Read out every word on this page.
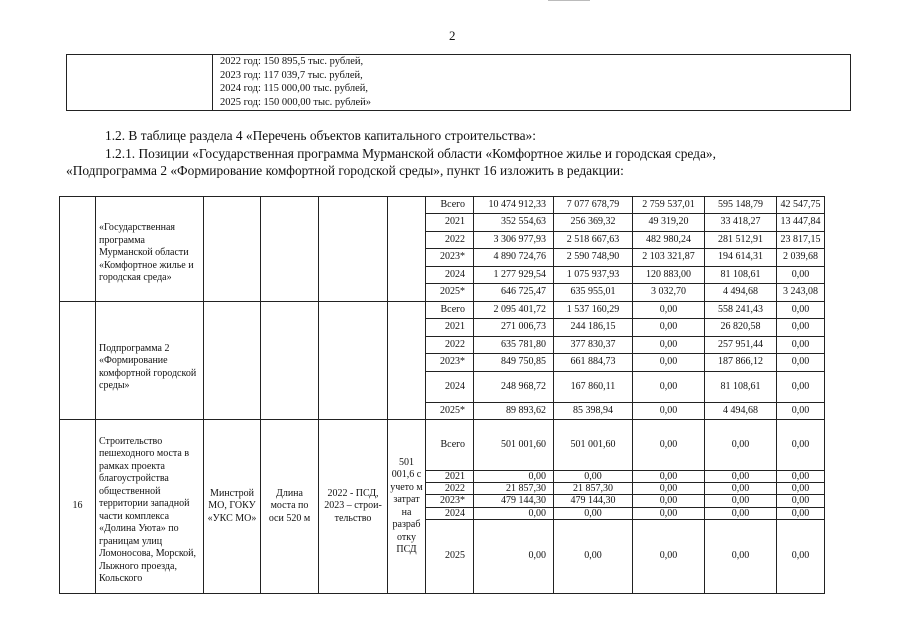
2

2022 год: 150 895,5 тыс. рублей,
2023 год: 117 039,7 тыс. рублей,
2024 год: 115 000,00 тыс. рублей,
2025 год: 150 000,00 тыс. рублей»
1.2. В таблице раздела 4 «Перечень объектов капитального строительства»:
1.2.1. Позиции «Государственная программа Мурманской области «Комфортное жилье и городская среда»,
«Подпрограмма 2 «Формирование комфортной городской среды», пункт 16 изложить в редакции:
	«Государственная программа Мурманской области «Комфортное жилье и городская среда»					Всего	10 474 912,33	7 077 678,79	2 759 537,01	595 148,79	42 547,75
						2021	352 554,63	256 369,32	49 319,20	33 418,27	13 447,84
						2022	3 306 977,93	2 518 667,63	482 980,24	281 512,91	23 817,15
						2023*	4 890 724,76	2 590 748,90	2 103 321,87	194 614,31	2 039,68
						2024	1 277 929,54	1 075 937,93	120 883,00	81 108,61	0,00
						2025*	646 725,47	635 955,01	3 032,70	4 494,68	3 243,08
	Подпрограмма 2 «Формирование комфортной городской среды»					Всего	2 095 401,72	1 537 160,29	0,00	558 241,43	0,00
						2021	271 006,73	244 186,15	0,00	26 820,58	0,00
						2022	635 781,80	377 830,37	0,00	257 951,44	0,00
						2023*	849 750,85	661 884,73	0,00	187 866,12	0,00
						2024	248 968,72	167 860,11	0,00	81 108,61	0,00
						2025*	89 893,62	85 398,94	0,00	4 494,68	0,00
16	Строительство пешеходного моста в рамках проекта благоустройства общественной территории западной части комплекса «Долина Уюта» по границам улиц Ломоносова, Морской, Лыжного проезда, Кольского	Минстрой МО, ГОКУ «УКС МО»	Длина моста по оси 520 м	2022 - ПСД, 2023 – строи-тельство	501 001,6 с учето м затрат на разраб отку ПСД	Всего	501 001,60	501 001,60	0,00	0,00	0,00
						2021	0,00	0,00	0,00	0,00	0,00
						2022	21 857,30	21 857,30	0,00	0,00	0,00
						2023*	479 144,30	479 144,30	0,00	0,00	0,00
						2024	0,00	0,00	0,00	0,00	0,00
						2025	0,00	0,00	0,00	0,00	0,00
